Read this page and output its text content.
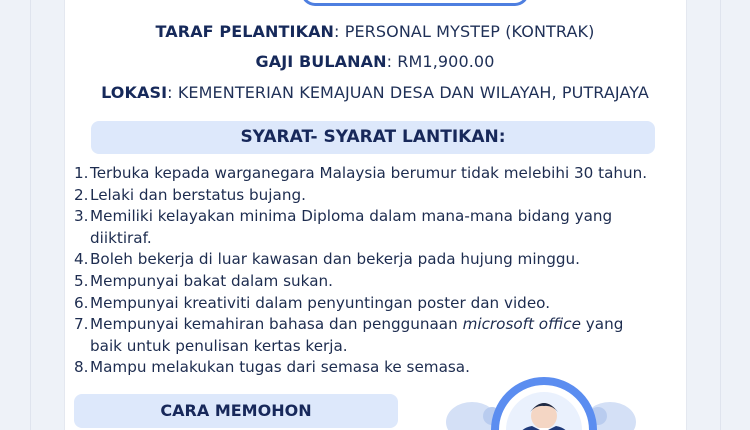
TARAF PELANTIKAN: PERSONAL MYSTEP (KONTRAK)
GAJI BULANAN: RM1,900.00
LOKASI: KEMENTERIAN KEMAJUAN DESA DAN WILAYAH, PUTRAJAYA
SYARAT- SYARAT LANTIKAN:
1. Terbuka kepada warganegara Malaysia berumur tidak melebihi 30 tahun.
2. Lelaki dan berstatus bujang.
3. Memiliki kelayakan minima Diploma dalam mana-mana bidang yang
diiktiraf.
4. Boleh bekerja di luar kawasan dan bekerja pada hujung minggu.
5. Mempunyai bakat dalam sukan.
6. Mempunyai kreativiti dalam penyuntingan poster dan video.
7. Mempunyai kemahiran bahasa dan penggunaan microsoft office yang
baik untuk penulisan kertas kerja.
8. Mampu melakukan tugas dari semasa ke semasa.
CARA MEMOHON
